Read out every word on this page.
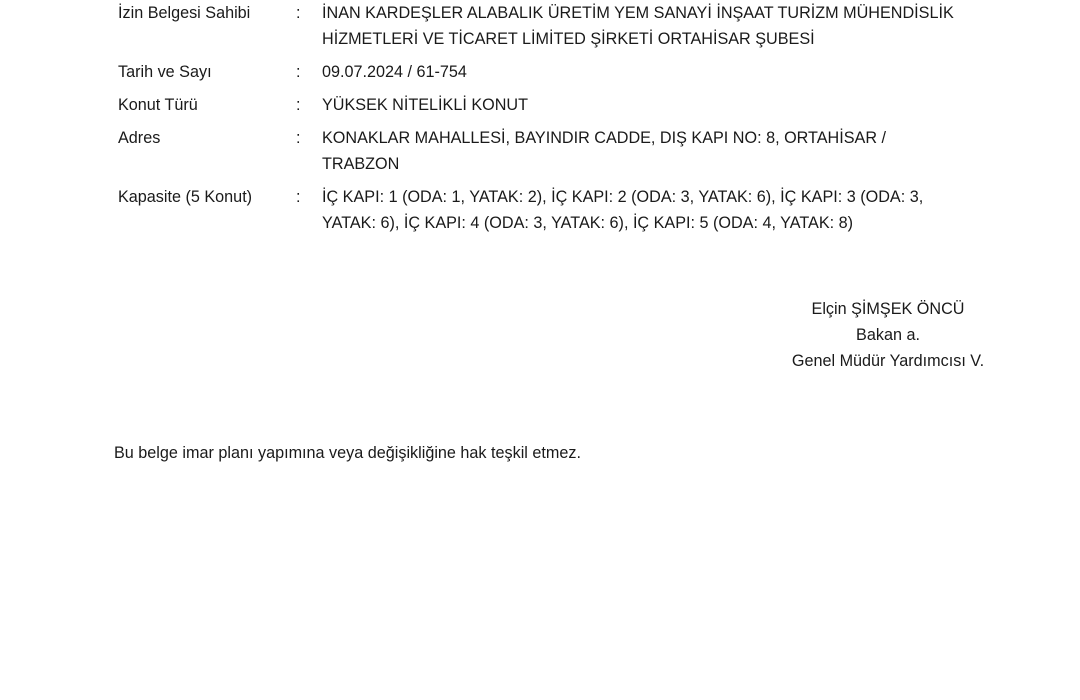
İzin Belgesi Sahibi	:	İNAN KARDEŞLER ALABALIK ÜRETİM YEM SANAYİ İNŞAAT TURİZM MÜHENDİSLİK
HİZMETLERİ VE TİCARET LİMİTED ŞİRKETİ ORTAHİSAR ŞUBESİ
Tarih ve Sayı	:	09.07.2024 / 61-754
Konut Türü	:	YÜKSEK NİTELİKLİ KONUT
Adres	:	KONAKLAR MAHALLESİ, BAYINDIR CADDE, DIŞ KAPI NO: 8, ORTAHİSAR /
TRABZON
Kapasite (5 Konut)	:	İÇ KAPI: 1 (ODA: 1, YATAK: 2), İÇ KAPI: 2 (ODA: 3, YATAK: 6), İÇ KAPI: 3 (ODA: 3,
YATAK: 6), İÇ KAPI: 4 (ODA: 3, YATAK: 6), İÇ KAPI: 5 (ODA: 4, YATAK: 8)
Elçin ŞİMŞEK ÖNCÜ
Bakan a.
Genel Müdür Yardımcısı V.
Bu belge imar planı yapımına veya değişikliğine hak teşkil etmez.
